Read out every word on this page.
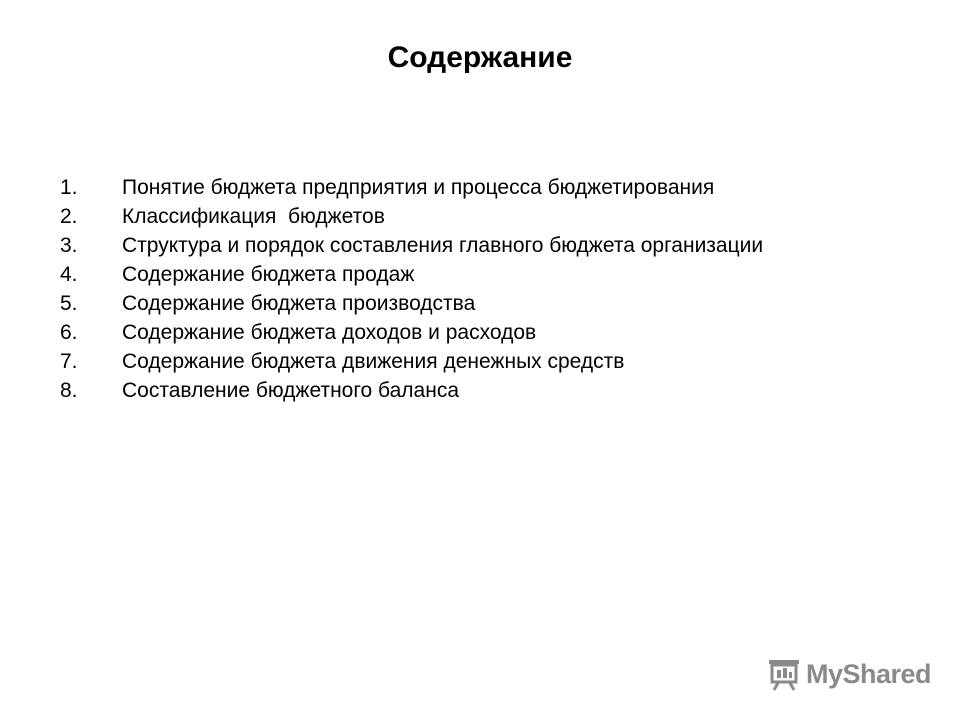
Содержание
1.	Понятие бюджета предприятия и процесса бюджетирования
2.	Классификация  бюджетов
3.	Структура и порядок составления главного бюджета организации
4.	Содержание бюджета продаж
5.	Содержание бюджета производства
6.	Содержание бюджета доходов и расходов
7.	Содержание бюджета движения денежных средств
8.	Составление бюджетного баланса
MyShared
